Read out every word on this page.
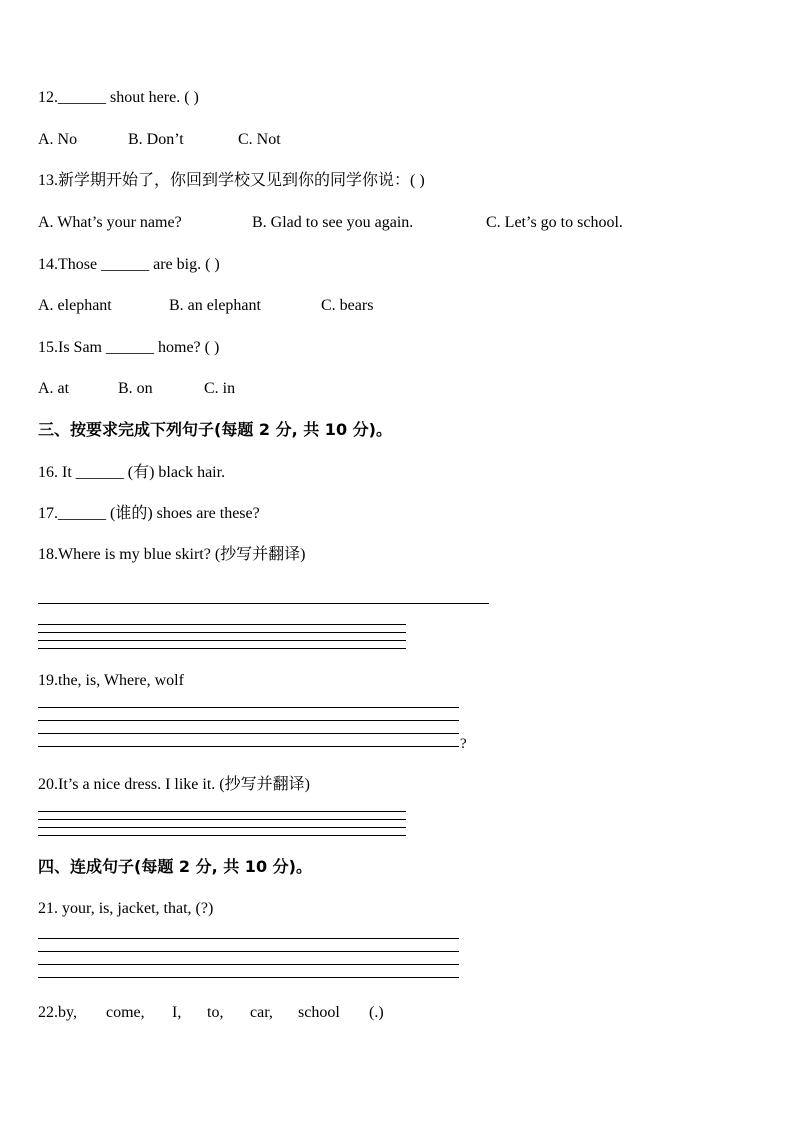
12.______ shout here. ( )
A. No	B. Don’t	C. Not
13.新学期开始了，你回到学校又见到你的同学你说：( )
A. What’s your name?	B. Glad to see you again.	C. Let’s go to school.
14.Those ______ are big. ( )
A. elephant	B. an elephant	C. bears
15.Is Sam ______ home? ( )
A. at	B. on	C. in
三、按要求完成下列句子(每题 2 分, 共 10 分)。
16. It ______ (有) black hair.
17.______ (谁的) shoes are these?
18.Where is my blue skirt? (抄写并翻译)
19.the, is, Where, wolf
?
20.It’s a nice dress. I like it. (抄写并翻译)
四、连成句子(每题 2 分, 共 10 分)。
21. your, is, jacket, that, (?)
22.by, come, I, to, car, school (.)
